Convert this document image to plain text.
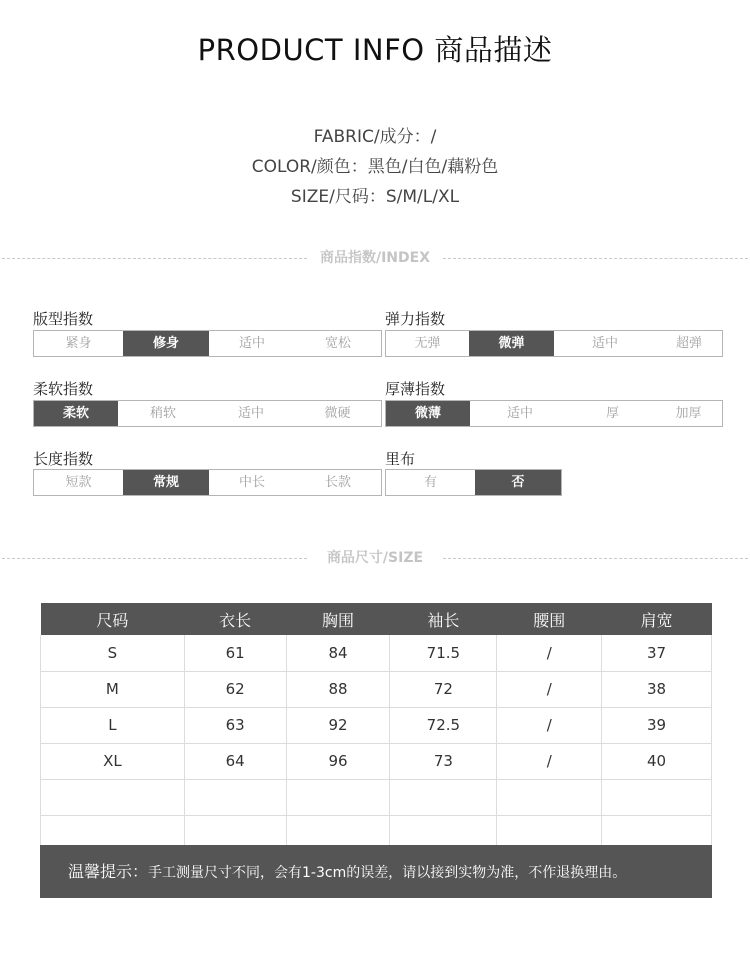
PRODUCT INFO 商品描述
FABRIC/成分：/
COLOR/颜色：黑色/白色/藕粉色
SIZE/尺码：S/M/L/XL
商品指数/INDEX
版型指数
紧身	修身	适中	宽松
弹力指数
无弹	微弹	适中	超弹
柔软指数
柔软	稍软	适中	微硬
厚薄指数
微薄	适中	厚	加厚
长度指数
短款	常规	中长	长款
里布
有	否
商品尺寸/SIZE
尺码	衣长	胸围	袖长	腰围	肩宽
S	61	84	71.5	/	37
M	62	88	72	/	38
L	63	92	72.5	/	39
XL	64	96	73	/	40

温馨提示：手工测量尺寸不同，会有1-3cm的误差，请以接到实物为准，不作退换理由。
